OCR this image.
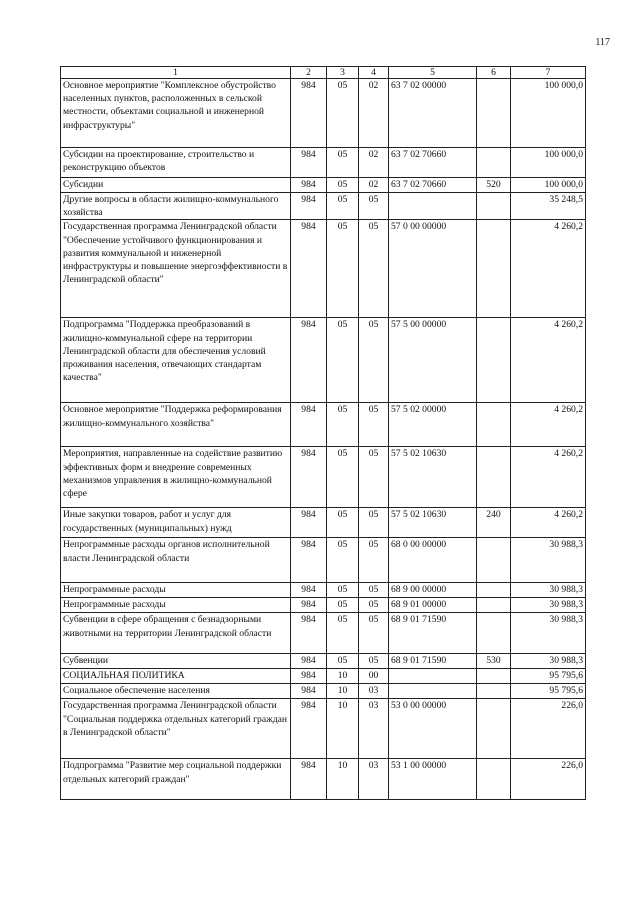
117
1	2	3	4	5	6	7
Основное мероприятие "Комплексное обустройство населенных пунктов, расположенных в сельской местности, объектами социальной и инженерной инфраструктуры"	984	05	02	63 7 02 00000		100 000,0
Субсидии на проектирование, строительство и реконструкцию объектов	984	05	02	63 7 02 70660		100 000,0
Субсидии	984	05	02	63 7 02 70660	520	100 000,0
Другие вопросы в области жилищно-коммунального хозяйства	984	05	05			35 248,5
Государственная программа Ленинградской области "Обеспечение устойчивого функционирования и развития коммунальной и инженерной инфраструктуры и повышение энергоэффективности в Ленинградской области"	984	05	05	57 0 00 00000		4 260,2
Подпрограмма "Поддержка преобразований в жилищно-коммунальной сфере на территории Ленинградской области для обеспечения условий проживания населения, отвечающих стандартам качества"	984	05	05	57 5 00 00000		4 260,2
Основное мероприятие "Поддержка реформирования жилищно-коммунального хозяйства"	984	05	05	57 5 02 00000		4 260,2
Мероприятия, направленные на содействие развитию эффективных форм и внедрение современных механизмов управления в жилищно-коммунальной сфере	984	05	05	57 5 02 10630		4 260,2
Иные закупки товаров, работ и услуг для государственных (муниципальных) нужд	984	05	05	57 5 02 10630	240	4 260,2
Непрограммные расходы органов исполнительной власти Ленинградской области	984	05	05	68 0 00 00000		30 988,3
Непрограммные расходы	984	05	05	68 9 00 00000		30 988,3
Непрограммные расходы	984	05	05	68 9 01 00000		30 988,3
Субвенции в сфере обращения с безнадзорными животными на территории Ленинградской области	984	05	05	68 9 01 71590		30 988,3
Субвенции	984	05	05	68 9 01 71590	530	30 988,3
СОЦИАЛЬНАЯ ПОЛИТИКА	984	10	00			95 795,6
Социальное обеспечение населения	984	10	03			95 795,6
Государственная программа Ленинградской области "Социальная поддержка отдельных категорий граждан в Ленинградской области"	984	10	03	53 0 00 00000		226,0
Подпрограмма "Развитие мер социальной поддержки отдельных категорий граждан"	984	10	03	53 1 00 00000		226,0
